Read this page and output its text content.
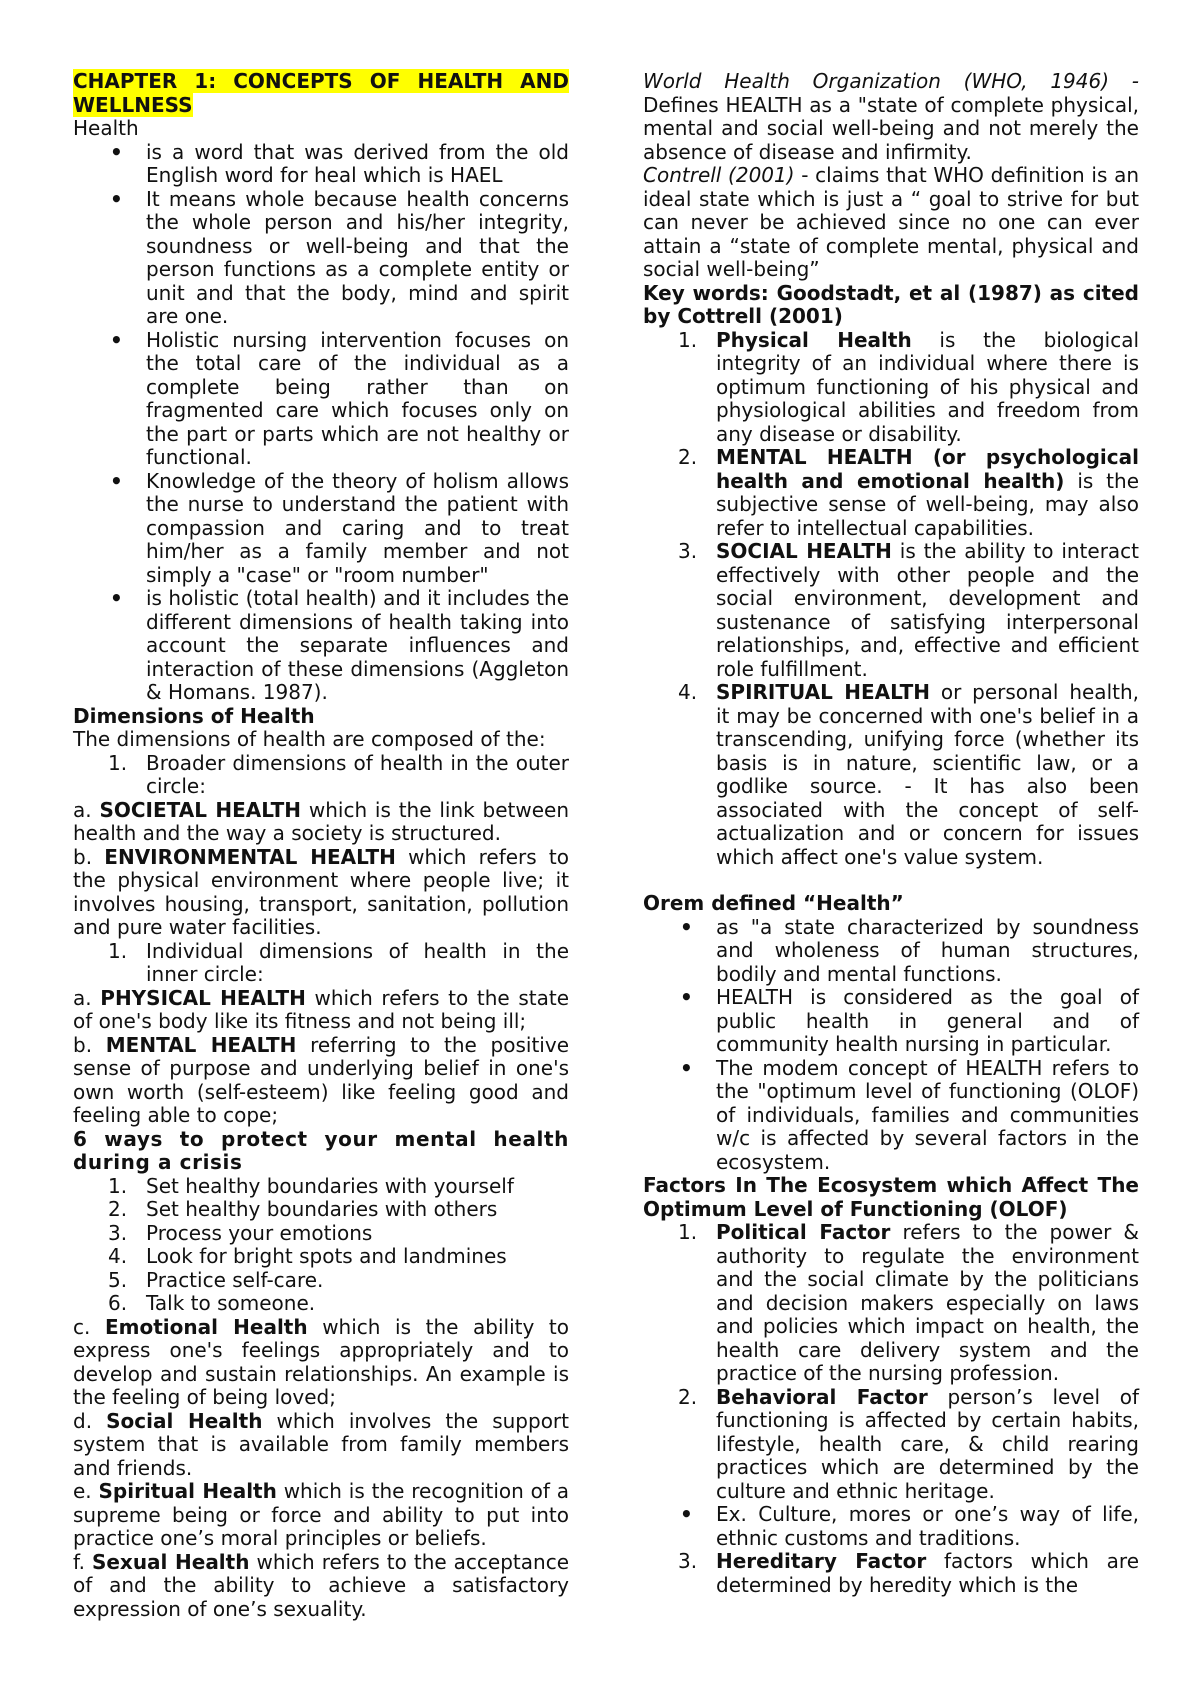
CHAPTER 1: CONCEPTS OF HEALTH AND WELLNESS

Health

• is a word that was derived from the old English word for heal which is HAEL
• It means whole because health concerns the whole person and his/her integrity, soundness or well-being and that the person functions as a complete entity or unit and that the body, mind and spirit are one.
• Holistic nursing intervention focuses on the total care of the individual as a complete being rather than on fragmented care which focuses only on the part or parts which are not healthy or functional.
• Knowledge of the theory of holism allows the nurse to understand the patient with compassion and caring and to treat him/her as a family member and not simply a "case" or "room number"
• is holistic (total health) and it includes the different dimensions of health taking into account the separate influences and interaction of these dimensions (Aggleton & Homans. 1987).

Dimensions of Health

The dimensions of health are composed of the:

1. Broader dimensions of health in the outer circle:

a. SOCIETAL HEALTH which is the link between health and the way a society is structured.

b. ENVIRONMENTAL HEALTH which refers to the physical environment where people live; it involves housing, transport, sanitation, pollution and pure water facilities.

1. Individual dimensions of health in the inner circle:

a. PHYSICAL HEALTH which refers to the state of one's body like its fitness and not being ill;

b. MENTAL HEALTH referring to the positive sense of purpose and underlying belief in one's own worth (self-esteem) like feeling good and feeling able to cope;

6 ways to protect your mental health during a crisis

1. Set healthy boundaries with yourself
2. Set healthy boundaries with others
3. Process your emotions
4. Look for bright spots and landmines
5. Practice self-care.
6. Talk to someone.

c. Emotional Health which is the ability to express one's feelings appropriately and to develop and sustain relationships. An example is the feeling of being loved;

d. Social Health which involves the support system that is available from family members and friends.

e. Spiritual Health which is the recognition of a supreme being or force and ability to put into practice one’s moral principles or beliefs.

f. Sexual Health which refers to the acceptance of and the ability to achieve a satisfactory expression of one’s sexuality.

World Health Organization (WHO, 1946) - Defines HEALTH as a "state of complete physical, mental and social well-being and not merely the absence of disease and infirmity.

Contrell (2001) - claims that WHO definition is an ideal state which is just a “ goal to strive for but can never be achieved since no one can ever attain a “state of complete mental, physical and social well-being”

Key words: Goodstadt, et al (1987) as cited by Cottrell (2001)

1. Physical Health is the biological integrity of an individual where there is optimum functioning of his physical and physiological abilities and freedom from any disease or disability.
2. MENTAL HEALTH (or psychological health and emotional health) is the subjective sense of well-being, may also refer to intellectual capabilities.
3. SOCIAL HEALTH is the ability to interact effectively with other people and the social environment, development and sustenance of satisfying interpersonal relationships, and, effective and efficient role fulfillment.
4. SPIRITUAL HEALTH or personal health, it may be concerned with one's belief in a transcending, unifying force (whether its basis is in nature, scientific law, or a godlike source. - It has also been associated with the concept of self-actualization and or concern for issues which affect one's value system.

Orem defined “Health”

• as "a state characterized by soundness and wholeness of human structures, bodily and mental functions.
• HEALTH is considered as the goal of public health in general and of community health nursing in particular.
• The modem concept of HEALTH refers to the "optimum level of functioning (OLOF) of individuals, families and communities w/c is affected by several factors in the ecosystem.

Factors In The Ecosystem which Affect The Optimum Level of Functioning (OLOF)

1. Political Factor refers to the power & authority to regulate the environment and the social climate by the politicians and decision makers especially on laws and policies which impact on health, the health care delivery system and the practice of the nursing profession.
2. Behavioral Factor person’s level of functioning is affected by certain habits, lifestyle, health care, & child rearing practices which are determined by the culture and ethnic heritage.
• Ex. Culture, mores or one’s way of life, ethnic customs and traditions.
3. Hereditary Factor factors which are determined by heredity which is the
